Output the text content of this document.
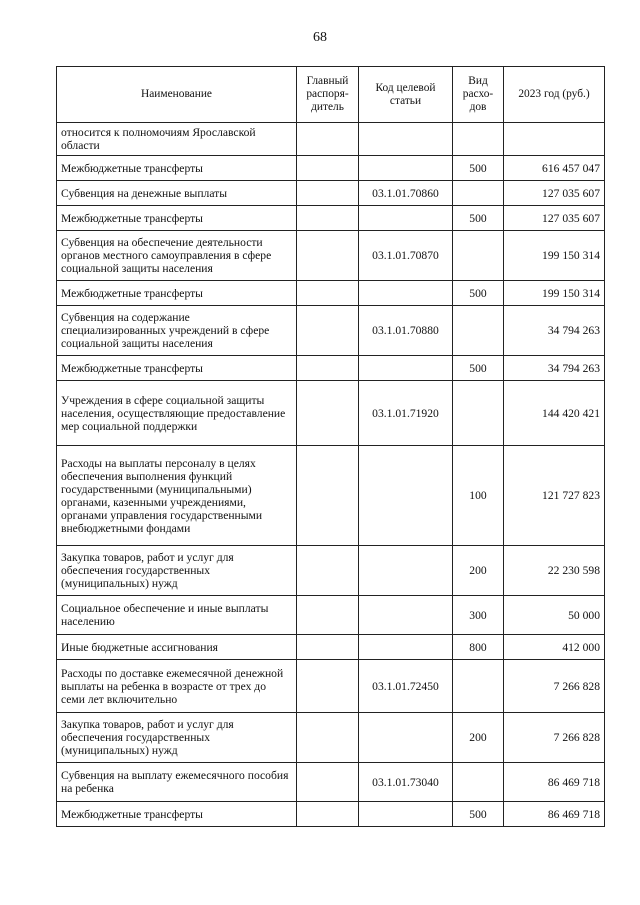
68
Наименование	Главный распоря-дитель	Код целевой статьи	Вид расхо-дов	2023 год (руб.)
относится к полномочиям Ярославской области				
Межбюджетные трансферты			500	616 457 047
Субвенция на денежные выплаты		03.1.01.70860		127 035 607
Межбюджетные трансферты			500	127 035 607
Субвенция на обеспечение деятельности органов местного самоуправления в сфере социальной защиты населения		03.1.01.70870		199 150 314
Межбюджетные трансферты			500	199 150 314
Субвенция на содержание специализированных учреждений в сфере социальной защиты населения		03.1.01.70880		34 794 263
Межбюджетные трансферты			500	34 794 263
Учреждения в сфере социальной защиты населения, осуществляющие предоставление мер социальной поддержки		03.1.01.71920		144 420 421
Расходы на выплаты персоналу в целях обеспечения выполнения функций государственными (муниципальными) органами, казенными учреждениями, органами управления государственными внебюджетными фондами			100	121 727 823
Закупка товаров, работ и услуг для обеспечения государственных (муниципальных) нужд			200	22 230 598
Социальное обеспечение и иные выплаты населению			300	50 000
Иные бюджетные ассигнования			800	412 000
Расходы по доставке ежемесячной денежной выплаты на ребенка в возрасте от трех до семи лет включительно		03.1.01.72450		7 266 828
Закупка товаров, работ и услуг для обеспечения государственных (муниципальных) нужд			200	7 266 828
Субвенция на выплату ежемесячного пособия на ребенка		03.1.01.73040		86 469 718
Межбюджетные трансферты			500	86 469 718
